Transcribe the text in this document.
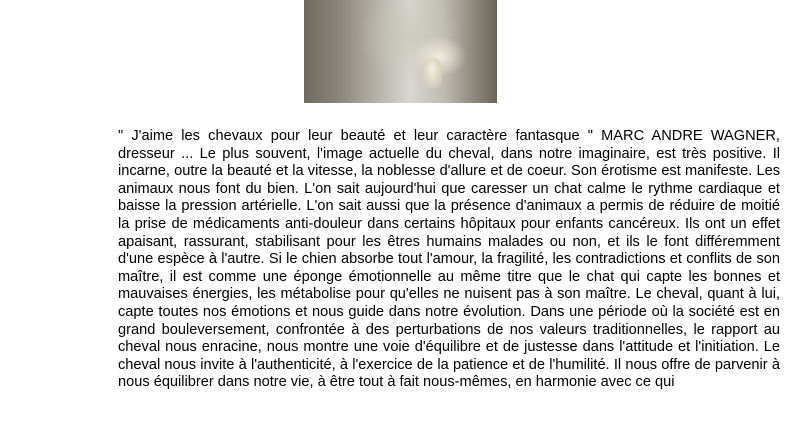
" J'aime les chevaux pour leur beauté et leur caractère fantasque " MARC ANDRE WAGNER, dresseur ... Le plus souvent, l'image actuelle du cheval, dans notre imaginaire, est très positive. Il incarne, outre la beauté et la vitesse, la noblesse d'allure et de coeur. Son érotisme est manifeste. Les animaux nous font du bien. L'on sait aujourd'hui que caresser un chat calme le rythme cardiaque et baisse la pression artérielle. L'on sait aussi que la présence d'animaux a permis de réduire de moitié la prise de médicaments anti-douleur dans certains hôpitaux pour enfants cancéreux. Ils ont un effet apaisant, rassurant, stabilisant pour les êtres humains malades ou non, et ils le font différemment d'une espèce à l'autre. Si le chien absorbe tout l'amour, la fragilité, les contradictions et conflits de son maître, il est comme une éponge émotionnelle au même titre que le chat qui capte les bonnes et mauvaises énergies, les métabolise pour qu'elles ne nuisent pas à son maître. Le cheval, quant à lui, capte toutes nos émotions et nous guide dans notre évolution. Dans une période où la société est en grand bouleversement, confrontée à des perturbations de nos valeurs traditionnelles, le rapport au cheval nous enracine, nous montre une voie d'équilibre et de justesse dans l'attitude et l'initiation. Le cheval nous invite à l'authenticité, à l'exercice de la patience et de l'humilité. Il nous offre de parvenir à nous équilibrer dans notre vie, à être tout à fait nous-mêmes, en harmonie avec ce qui
